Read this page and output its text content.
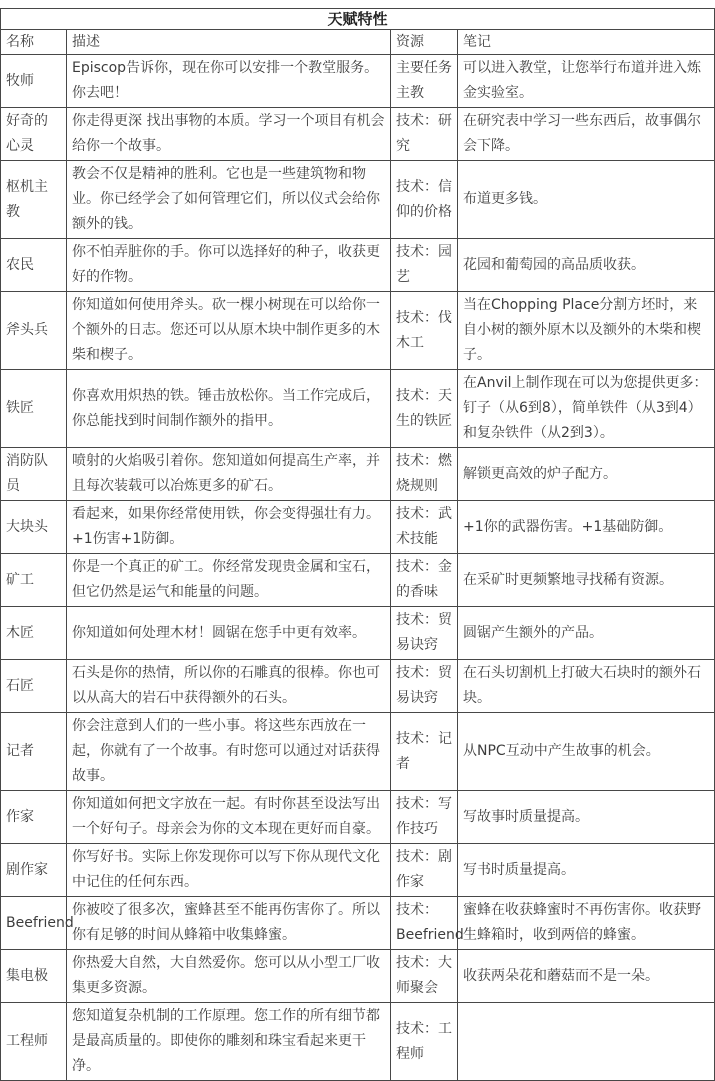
天赋特性			
名称	描述	资源	笔记
牧师	Episcop告诉你，现在你可以安排一个教堂服务。你去吧！	主要任务主教	可以进入教堂，让您举行布道并进入炼金实验室。
好奇的心灵	你走得更深 找出事物的本质。学习一个项目有机会给你一个故事。	技术：研究	在研究表中学习一些东西后，故事偶尔会下降。
枢机主教	教会不仅是精神的胜利。它也是一些建筑物和物业。你已经学会了如何管理它们，所以仪式会给你额外的钱。	技术：信仰的价格	布道更多钱。
农民	你不怕弄脏你的手。你可以选择好的种子，收获更好的作物。	技术：园艺	花园和葡萄园的高品质收获。
斧头兵	你知道如何使用斧头。砍一棵小树现在可以给你一个额外的日志。您还可以从原木块中制作更多的木柴和楔子。	技术：伐木工	当在Chopping Place分割方坯时，来自小树的额外原木以及额外的木柴和楔子。
铁匠	你喜欢用炽热的铁。锤击放松你。当工作完成后，你总能找到时间制作额外的指甲。	技术：天生的铁匠	在Anvil上制作现在可以为您提供更多：钉子（从6到8），简单铁件（从3到4）和复杂铁件（从2到3）。
消防队员	喷射的火焰吸引着你。您知道如何提高生产率，并且每次装载可以冶炼更多的矿石。	技术：燃烧规则	解锁更高效的炉子配方。
大块头	看起来，如果你经常使用铁，你会变得强壮有力。+1伤害+1防御。	技术：武术技能	+1你的武器伤害。+1基础防御。
矿工	你是一个真正的矿工。你经常发现贵金属和宝石，但它仍然是运气和能量的问题。	技术：金的香味	在采矿时更频繁地寻找稀有资源。
木匠	你知道如何处理木材！圆锯在您手中更有效率。	技术：贸易诀窍	圆锯产生额外的产品。
石匠	石头是你的热情，所以你的石雕真的很棒。你也可以从高大的岩石中获得额外的石头。	技术：贸易诀窍	在石头切割机上打破大石块时的额外石块。
记者	你会注意到人们的一些小事。将这些东西放在一起，你就有了一个故事。有时您可以通过对话获得故事。	技术：记者	从NPC互动中产生故事的机会。
作家	你知道如何把文字放在一起。有时你甚至设法写出一个好句子。母亲会为你的文本现在更好而自豪。	技术：写作技巧	写故事时质量提高。
剧作家	你写好书。实际上你发现你可以写下你从现代文化中记住的任何东西。	技术：剧作家	写书时质量提高。
Beefriend	你被咬了很多次，蜜蜂甚至不能再伤害你了。所以你有足够的时间从蜂箱中收集蜂蜜。	技术：Beefriend	蜜蜂在收获蜂蜜时不再伤害你。收获野生蜂箱时，收到两倍的蜂蜜。
集电极	你热爱大自然，大自然爱你。您可以从小型工厂收集更多资源。	技术：大师聚会	收获两朵花和蘑菇而不是一朵。
工程师	您知道复杂机制的工作原理。您工作的所有细节都是最高质量的。即使你的雕刻和珠宝看起来更干净。	技术：工程师	
